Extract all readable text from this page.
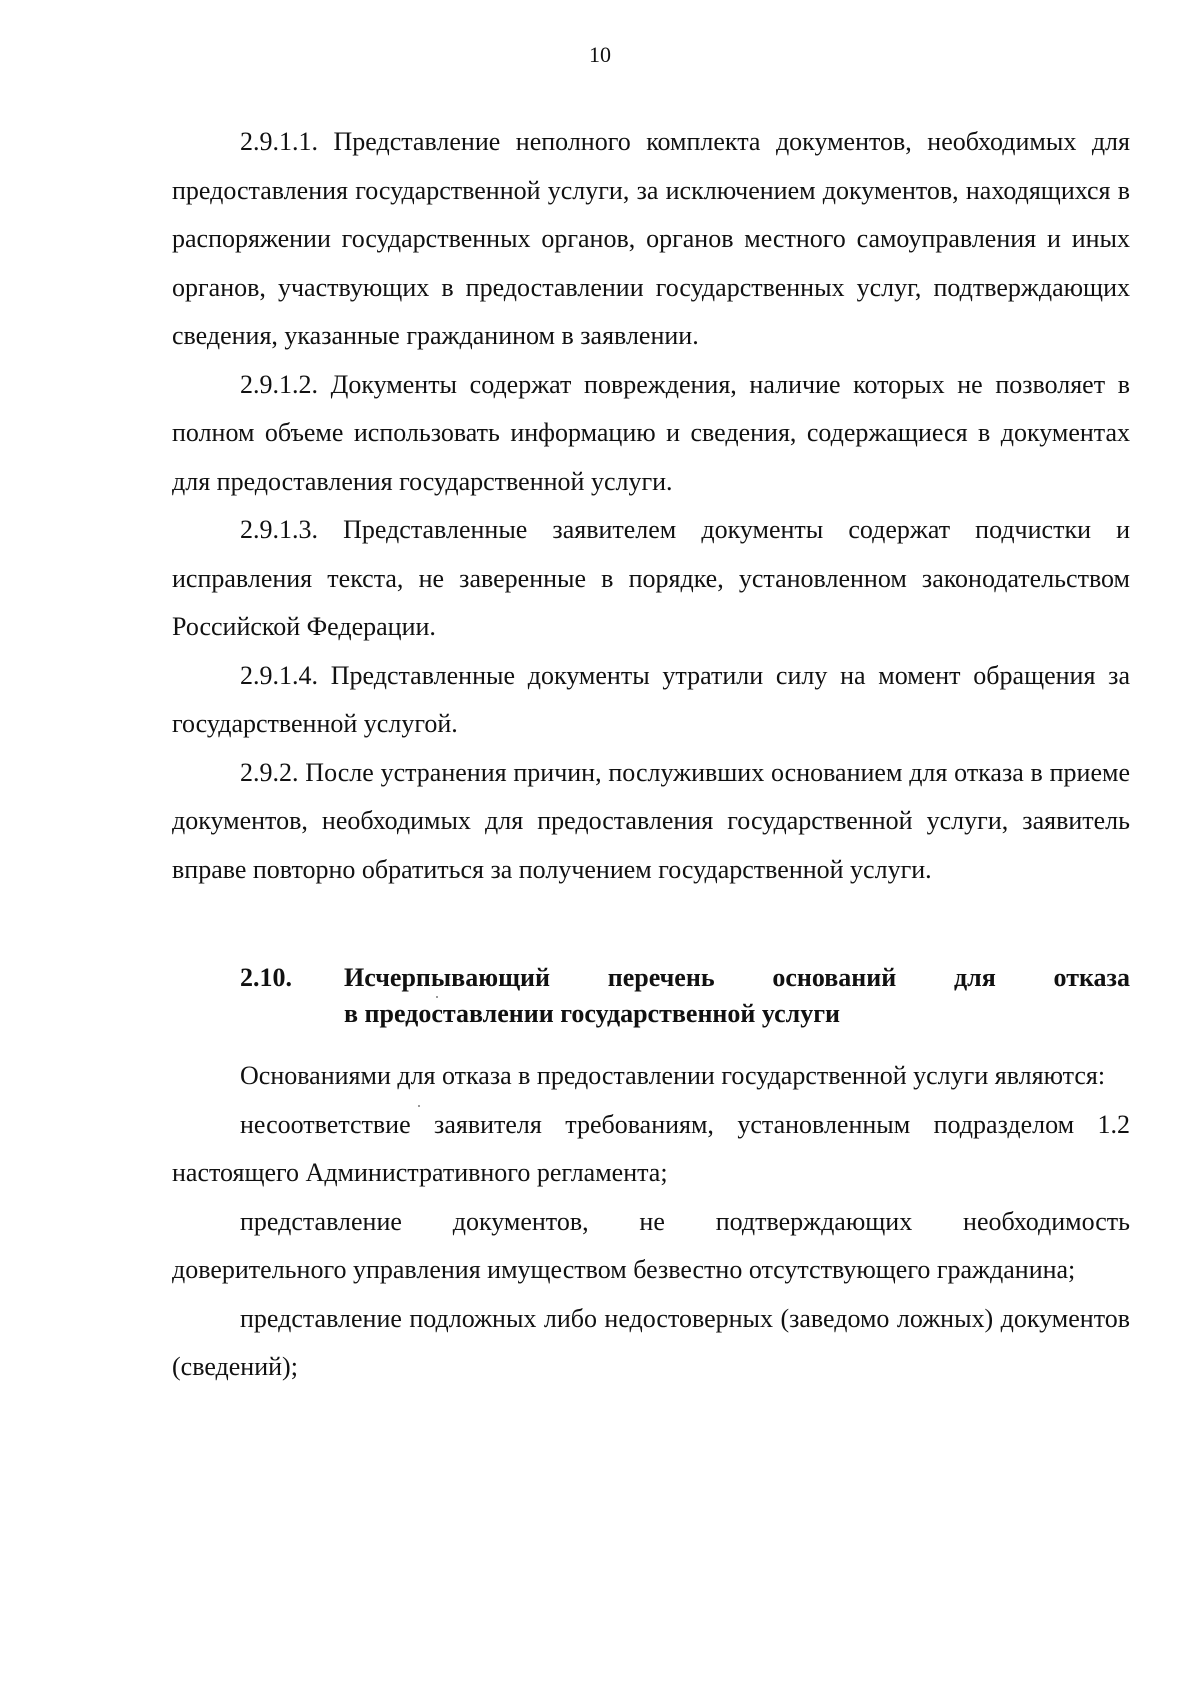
10

2.9.1.1. Представление неполного комплекта документов, необходимых для предоставления государственной услуги, за исключением документов, находящихся в распоряжении государственных органов, органов местного самоуправления и иных органов, участвующих в предоставлении государственных услуг, подтверждающих сведения, указанные гражданином в заявлении.

2.9.1.2. Документы содержат повреждения, наличие которых не позволяет в полном объеме использовать информацию и сведения, содержащиеся в документах для предоставления государственной услуги.

2.9.1.3. Представленные заявителем документы содержат подчистки и исправления текста, не заверенные в порядке, установленном законодательством Российской Федерации.

2.9.1.4. Представленные документы утратили силу на момент обращения за государственной услугой.

2.9.2. После устранения причин, послуживших основанием для отказа в приеме документов, необходимых для предоставления государственной услуги, заявитель вправе повторно обратиться за получением государственной услуги.

2.10. Исчерпывающий перечень оснований для отказа
в предоставлении государственной услуги

Основаниями для отказа в предоставлении государственной услуги являются:

несоответствие заявителя требованиям, установленным подразделом 1.2 настоящего Административного регламента;

представление документов, не подтверждающих необходимость доверительного управления имуществом безвестно отсутствующего гражданина;

представление подложных либо недостоверных (заведомо ложных) документов (сведений);
